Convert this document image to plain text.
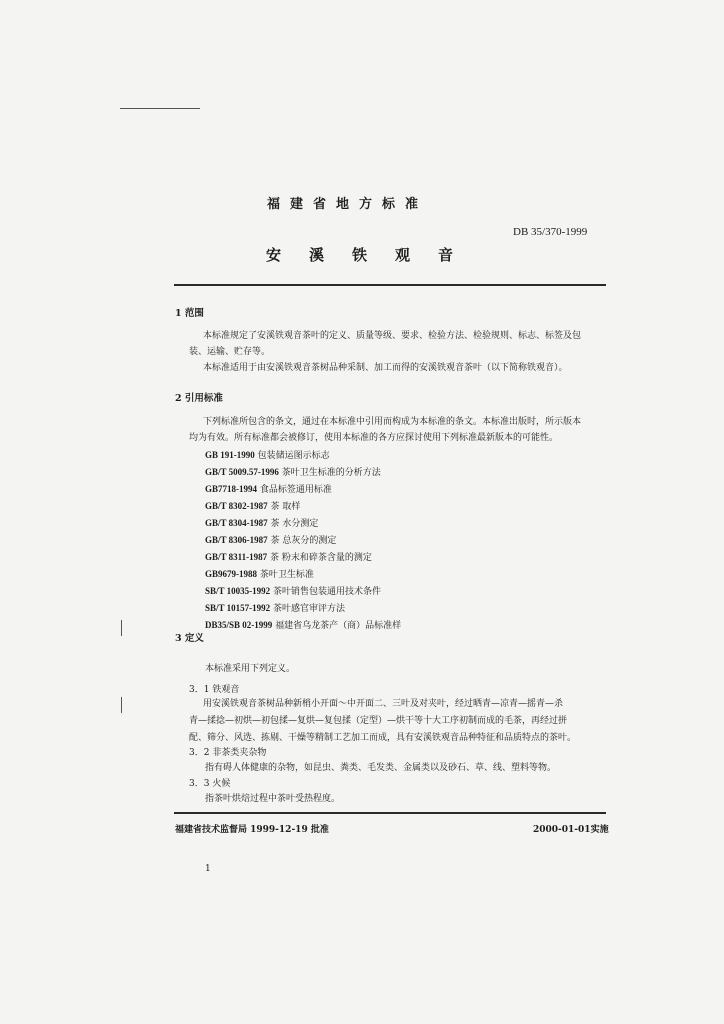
福建省地方标准
DB 35/370-1999
安溪铁观音
1 范围
本标准规定了安溪铁观音茶叶的定义、质量等级、要求、检验方法、检验规则、标志、标签及包
装、运输、贮存等。
本标准适用于由安溪铁观音茶树品种采制、加工而得的安溪铁观音茶叶（以下简称铁观音）。
2 引用标准
下列标准所包含的条文，通过在本标准中引用而构成为本标准的条文。本标准出版时，所示版本
均为有效。所有标准都会被修订，使用本标准的各方应探讨使用下列标准最新版本的可能性。
GB 191-1990 包装储运图示标志
GB/T 5009.57-1996 茶叶卫生标准的分析方法
GB7718-1994 食品标签通用标准
GB/T 8302-1987 茶 取样
GB/T 8304-1987 茶 水分测定
GB/T 8306-1987 茶 总灰分的测定
GB/T 8311-1987 茶 粉末和碎茶含量的测定
GB9679-1988 茶叶卫生标准
SB/T 10035-1992 茶叶销售包装通用技术条件
SB/T 10157-1992 茶叶感官审评方法
DB35/SB 02-1999 福建省乌龙茶产（商）品标准样
3 定义
本标准采用下列定义。
3．1 铁观音
用安溪铁观音茶树品种新梢小开面～中开面二、三叶及对夹叶，经过晒青—凉青—摇青—杀
青—揉捻—初烘—初包揉—复烘—复包揉（定型）—烘干等十大工序初制而成的毛茶，再经过拼
配、筛分、风选、拣剔、干燥等精制工艺加工而成，具有安溪铁观音品种特征和品质特点的茶叶。
3．2 非茶类夹杂物
指有碍人体健康的杂物，如昆虫、粪类、毛发类、金属类以及砂石、草、线、塑料等物。
3．3 火候
指茶叶烘焙过程中茶叶受热程度。
福建省技术监督局 1999-12-19 批准	2000-01-01实施
1
